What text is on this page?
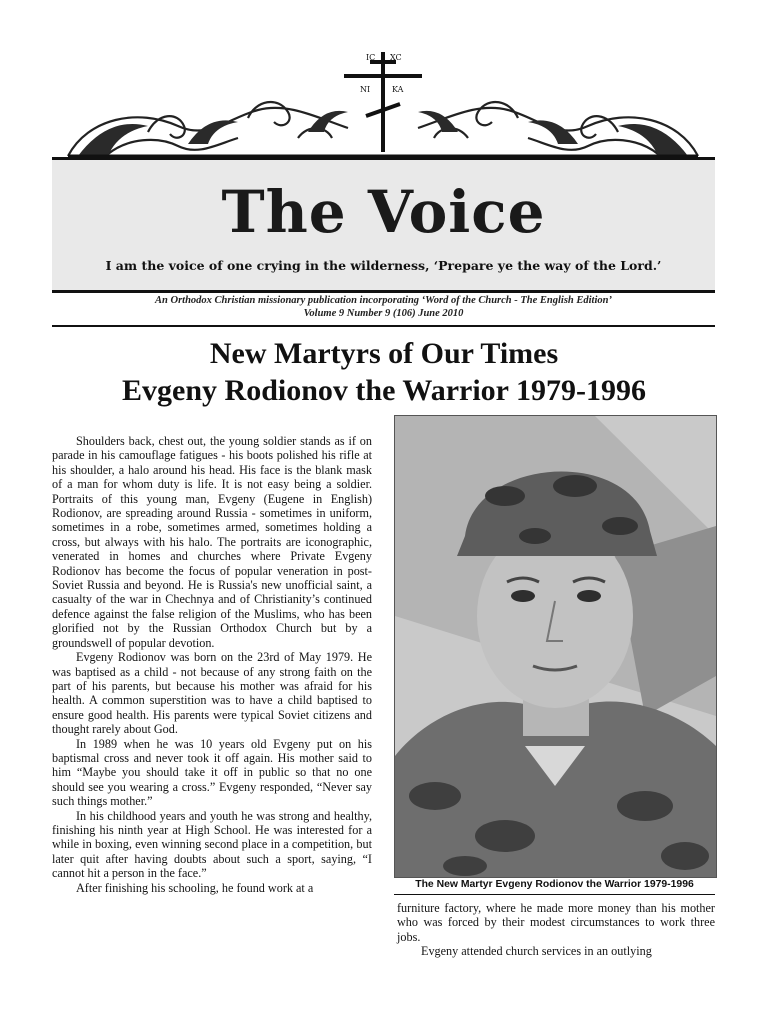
IC XC
NI	KA
The Voice
I am the voice of one crying in the wilderness, ‘Prepare ye the way of the Lord.’
An Orthodox Christian missionary publication incorporating ‘Word of the Church - The English Edition’
Volume 9 Number 9 (106) June 2010
New Martyrs of Our Times
Evgeny Rodionov the Warrior 1979-1996

Shoulders back, chest out, the young soldier stands as if on parade in his camouflage fatigues - his boots polished his rifle at his shoulder, a halo around his head. His face is the blank mask of a man for whom duty is life. It is not easy being a soldier. Portraits of this young man, Evgeny (Eugene in English) Rodionov, are spreading around Russia - sometimes in uniform, sometimes in a robe, sometimes armed, sometimes holding a cross, but always with his halo. The portraits are iconographic, venerated in homes and churches where Private Evgeny Rodionov has become the focus of popular veneration in post-Soviet Russia and beyond. He is Russia's new unofficial saint, a casualty of the war in Chechnya and of Christianity’s continued defence against the false religion of the Muslims, who has been glorified not by the Russian Orthodox Church but by a groundswell of popular devotion.

Evgeny Rodionov was born on the 23rd of May 1979. He was baptised as a child - not because of any strong faith on the part of his parents, but because his mother was afraid for his health. A common superstition was to have a child baptised to ensure good health. His parents were typical Soviet citizens and thought rarely about God.

In 1989 when he was 10 years old Evgeny put on his baptismal cross and never took it off again. His mother said to him “Maybe you should take it off in public so that no one should see you wearing a cross.” Evgeny responded, “Never say such things mother.”

In his childhood years and youth he was strong and healthy, finishing his ninth year at High School. He was interested for a while in boxing, even winning second place in a competition, but later quit after having doubts about such a sport, saying, “I cannot hit a person in the face.”

After finishing his schooling, he found work at a	The New Martyr Evgeny Rodionov the Warrior 1979-1996

furniture factory, where he made more money than his mother who was forced by their modest circumstances to work three jobs.

Evgeny attended church services in an outlying
